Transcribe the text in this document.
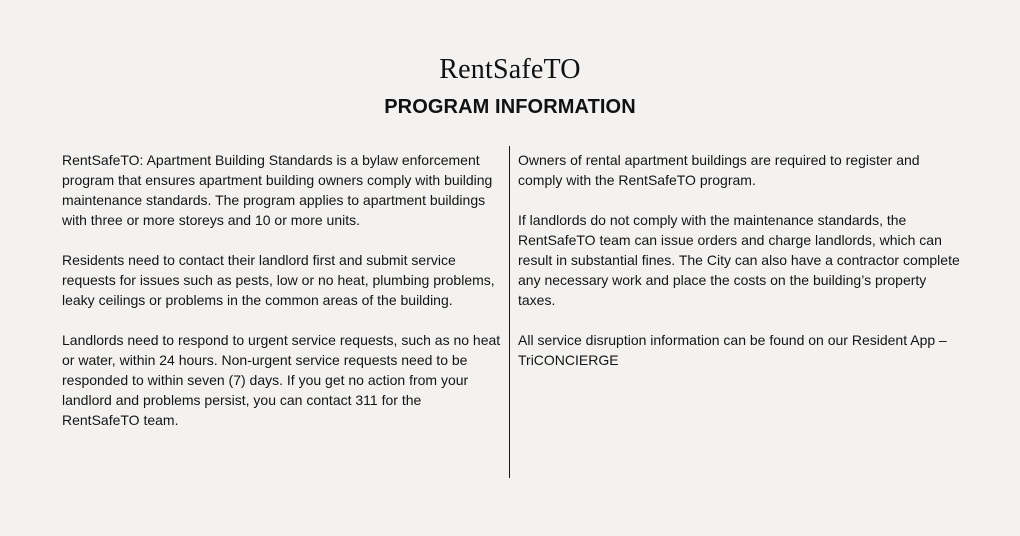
RentSafeTO
PROGRAM INFORMATION

RentSafeTO: Apartment Building Standards is a bylaw enforcement program that ensures apartment building owners comply with building maintenance standards. The program applies to apartment buildings with three or more storeys and 10 or more units.

Residents need to contact their landlord first and submit service requests for issues such as pests, low or no heat, plumbing problems, leaky ceilings or problems in the common areas of the building.

Landlords need to respond to urgent service requests, such as no heat or water, within 24 hours. Non-urgent service requests need to be responded to within seven (7) days. If you get no action from your landlord and problems persist, you can contact 311 for the RentSafeTO team.

Owners of rental apartment buildings are required to register and comply with the RentSafeTO program.

If landlords do not comply with the maintenance standards, the RentSafeTO team can issue orders and charge landlords, which can result in substantial fines. The City can also have a contractor complete any necessary work and place the costs on the building’s property taxes.

All service disruption information can be found on our Resident App – TriCONCIERGE
